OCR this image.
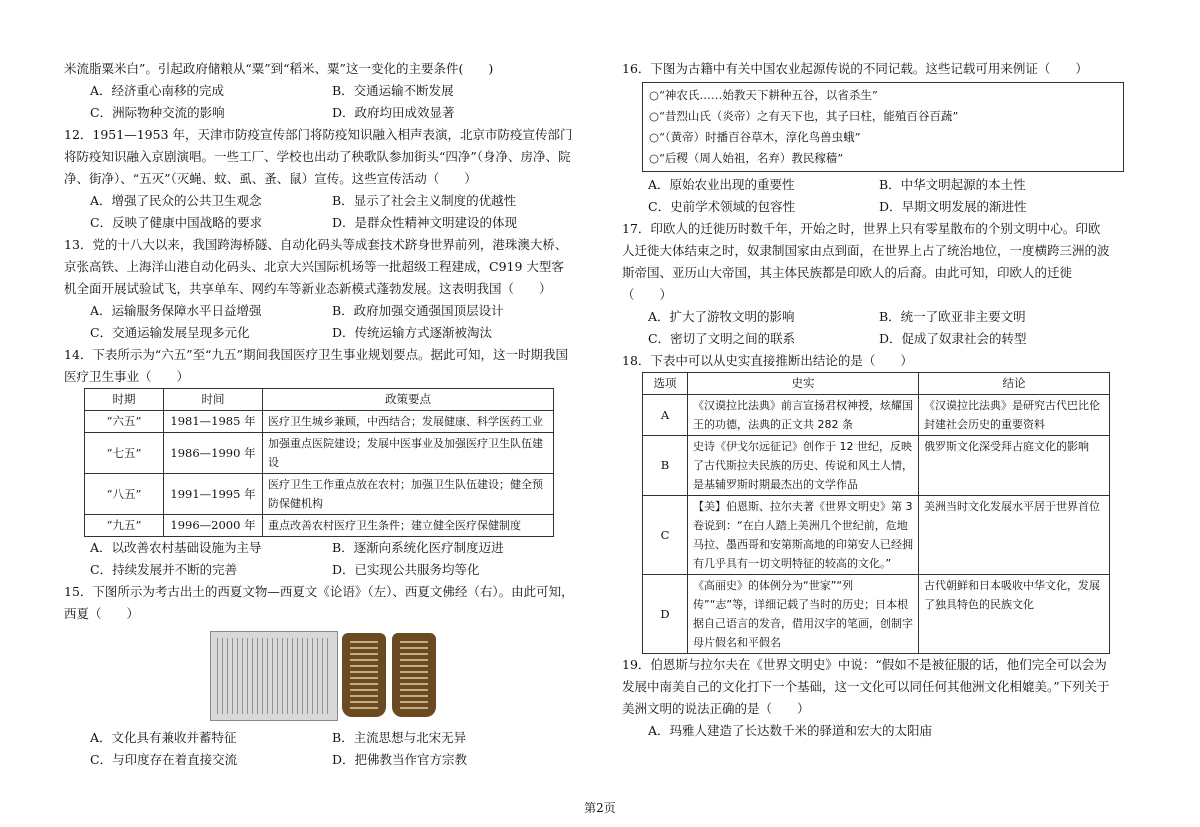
米流脂粟米白”。引起政府储粮从“粟”到“稻米、粟”这一变化的主要条件(　　)

A．经济重心南移的完成	B．交通运输不断发展
C．洲际物种交流的影响	D．政府均田成效显著

12．1951—1953 年，天津市防疫宣传部门将防疫知识融入相声表演，北京市防疫宣传部门将防疫知识融入京剧演唱。一些工厂、学校也出动了秧歌队参加街头“四净”（身净、房净、院净、街净）、“五灭”（灭蝇、蚊、虱、蚤、鼠）宣传。这些宣传活动（　　）

A．增强了民众的公共卫生观念	B．显示了社会主义制度的优越性
C．反映了健康中国战略的要求	D．是群众性精神文明建设的体现

13．党的十八大以来，我国跨海桥隧、自动化码头等成套技术跻身世界前列，港珠澳大桥、京张高铁、上海洋山港自动化码头、北京大兴国际机场等一批超级工程建成，C919 大型客机全面开展试验试飞，共享单车、网约车等新业态新模式蓬勃发展。这表明我国（　　）

A．运输服务保障水平日益增强	B．政府加强交通强国顶层设计
C．交通运输发展呈现多元化	D．传统运输方式逐渐被淘汰

14．下表所示为“六五”至“九五”期间我国医疗卫生事业规划要点。据此可知，这一时期我国医疗卫生事业（　　）

时期	时间	政策要点
“六五”	1981—1985 年	医疗卫生城乡兼顾，中西结合；发展健康、科学医药工业
“七五”	1986—1990 年	加强重点医院建设；发展中医事业及加强医疗卫生队伍建设
“八五”	1991—1995 年	医疗卫生工作重点放在农村；加强卫生队伍建设；健全预防保健机构
“九五”	1996—2000 年	重点改善农村医疗卫生条件；建立健全医疗保健制度
A．以改善农村基础设施为主导	B．逐渐向系统化医疗制度迈进
C．持续发展并不断的完善	D．已实现公共服务均等化

15．下图所示为考古出土的西夏文物—西夏文《论语》（左）、西夏文佛经（右）。由此可知，西夏（　　）

A．文化具有兼收并蓄特征	B．主流思想与北宋无异
C．与印度存在着直接交流	D．把佛教当作官方宗教

16．下图为古籍中有关中国农业起源传说的不同记载。这些记载可用来例证（　　）

○“神农氏……始教天下耕种五谷，以省杀生”

○“昔烈山氏（炎帝）之有天下也，其子曰柱，能殖百谷百蔬”

○“（黄帝）时播百谷草木，淳化鸟兽虫蛾”

○“后稷（周人始祖，名弃）教民稼穑”

A．原始农业出现的重要性	B．中华文明起源的本土性
C．史前学术领域的包容性	D．早期文明发展的渐进性

17．印欧人的迁徙历时数千年，开始之时，世界上只有零星散布的个别文明中心。印欧人迁徙大体结束之时，奴隶制国家由点到面，在世界上占了统治地位，一度横跨三洲的波斯帝国、亚历山大帝国，其主体民族都是印欧人的后裔。由此可知，印欧人的迁徙（　　）

A．扩大了游牧文明的影响	B．统一了欧亚非主要文明
C．密切了文明之间的联系	D．促成了奴隶社会的转型

18．下表中可以从史实直接推断出结论的是（　　）

选项	史实	结论
A	《汉谟拉比法典》前言宣扬君权神授，炫耀国王的功德，法典的正文共 282 条	《汉谟拉比法典》是研究古代巴比伦封建社会历史的重要资料
B	史诗《伊戈尔远征记》创作于 12 世纪，反映了古代斯拉夫民族的历史、传说和风土人情，是基辅罗斯时期最杰出的文学作品	俄罗斯文化深受拜占庭文化的影响
C	【美】伯恩斯、拉尔夫著《世界文明史》第 3 卷说到：“在白人踏上美洲几个世纪前，危地马拉、墨西哥和安第斯高地的印第安人已经拥有几乎具有一切文明特征的较高的文化。”	美洲当时文化发展水平居于世界首位
D	《高丽史》的体例分为“世家”“列传”“志”等，详细记载了当时的历史；日本根据自己语言的发音，借用汉字的笔画，创制字母片假名和平假名	古代朝鲜和日本吸收中华文化，发展了独具特色的民族文化

19．伯恩斯与拉尔夫在《世界文明史》中说：“假如不是被征服的话，他们完全可以会为发展中南美自己的文化打下一个基础，这一文化可以同任何其他洲文化相媲美。”下列关于美洲文明的说法正确的是（　　）

A．玛雅人建造了长达数千米的驿道和宏大的太阳庙
第2页
